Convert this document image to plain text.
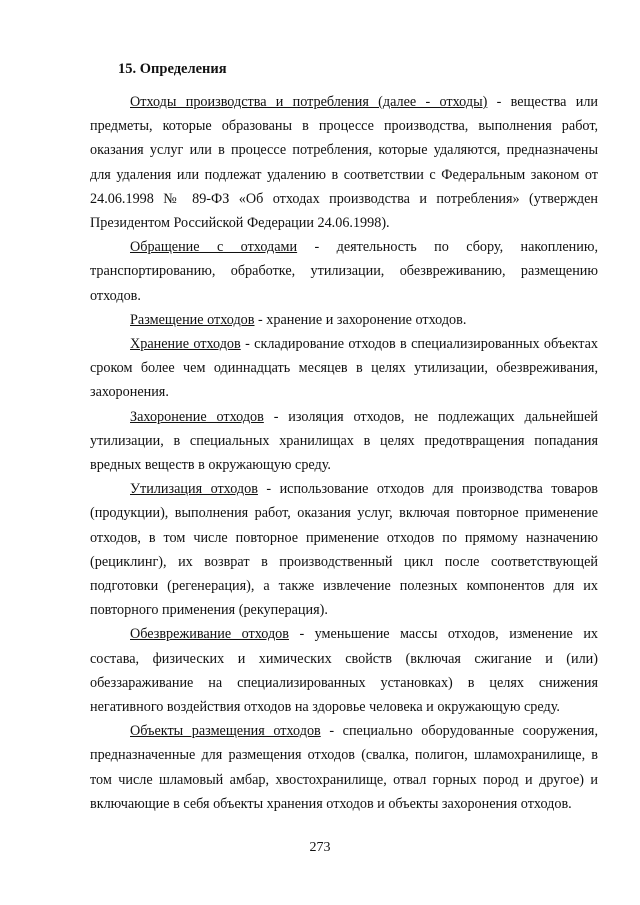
15. Определения

Отходы производства и потребления (далее - отходы) - вещества или предметы, которые образованы в процессе производства, выполнения работ, оказания услуг или в процессе потребления, которые удаляются, предназначены для удаления или подлежат удалению в соответствии с Федеральным законом от 24.06.1998 № 89-ФЗ «Об отходах производства и потребления» (утвержден Президентом Российской Федерации 24.06.1998).

Обращение с отходами - деятельность по сбору, накоплению, транспортированию, обработке, утилизации, обезвреживанию, размещению отходов.

Размещение отходов - хранение и захоронение отходов.

Хранение отходов - складирование отходов в специализированных объектах сроком более чем одиннадцать месяцев в целях утилизации, обезвреживания, захоронения.

Захоронение отходов - изоляция отходов, не подлежащих дальнейшей утилизации, в специальных хранилищах в целях предотвращения попадания вредных веществ в окружающую среду.

Утилизация отходов - использование отходов для производства товаров (продукции), выполнения работ, оказания услуг, включая повторное применение отходов, в том числе повторное применение отходов по прямому назначению (рециклинг), их возврат в производственный цикл после соответствующей подготовки (регенерация), а также извлечение полезных компонентов для их повторного применения (рекуперация).

Обезвреживание отходов - уменьшение массы отходов, изменение их состава, физических и химических свойств (включая сжигание и (или) обеззараживание на специализированных установках) в целях снижения негативного воздействия отходов на здоровье человека и окружающую среду.

Объекты размещения отходов - специально оборудованные сооружения, предназначенные для размещения отходов (свалка, полигон, шламохранилище, в том числе шламовый амбар, хвостохранилище, отвал горных пород и другое) и включающие в себя объекты хранения отходов и объекты захоронения отходов.

273
